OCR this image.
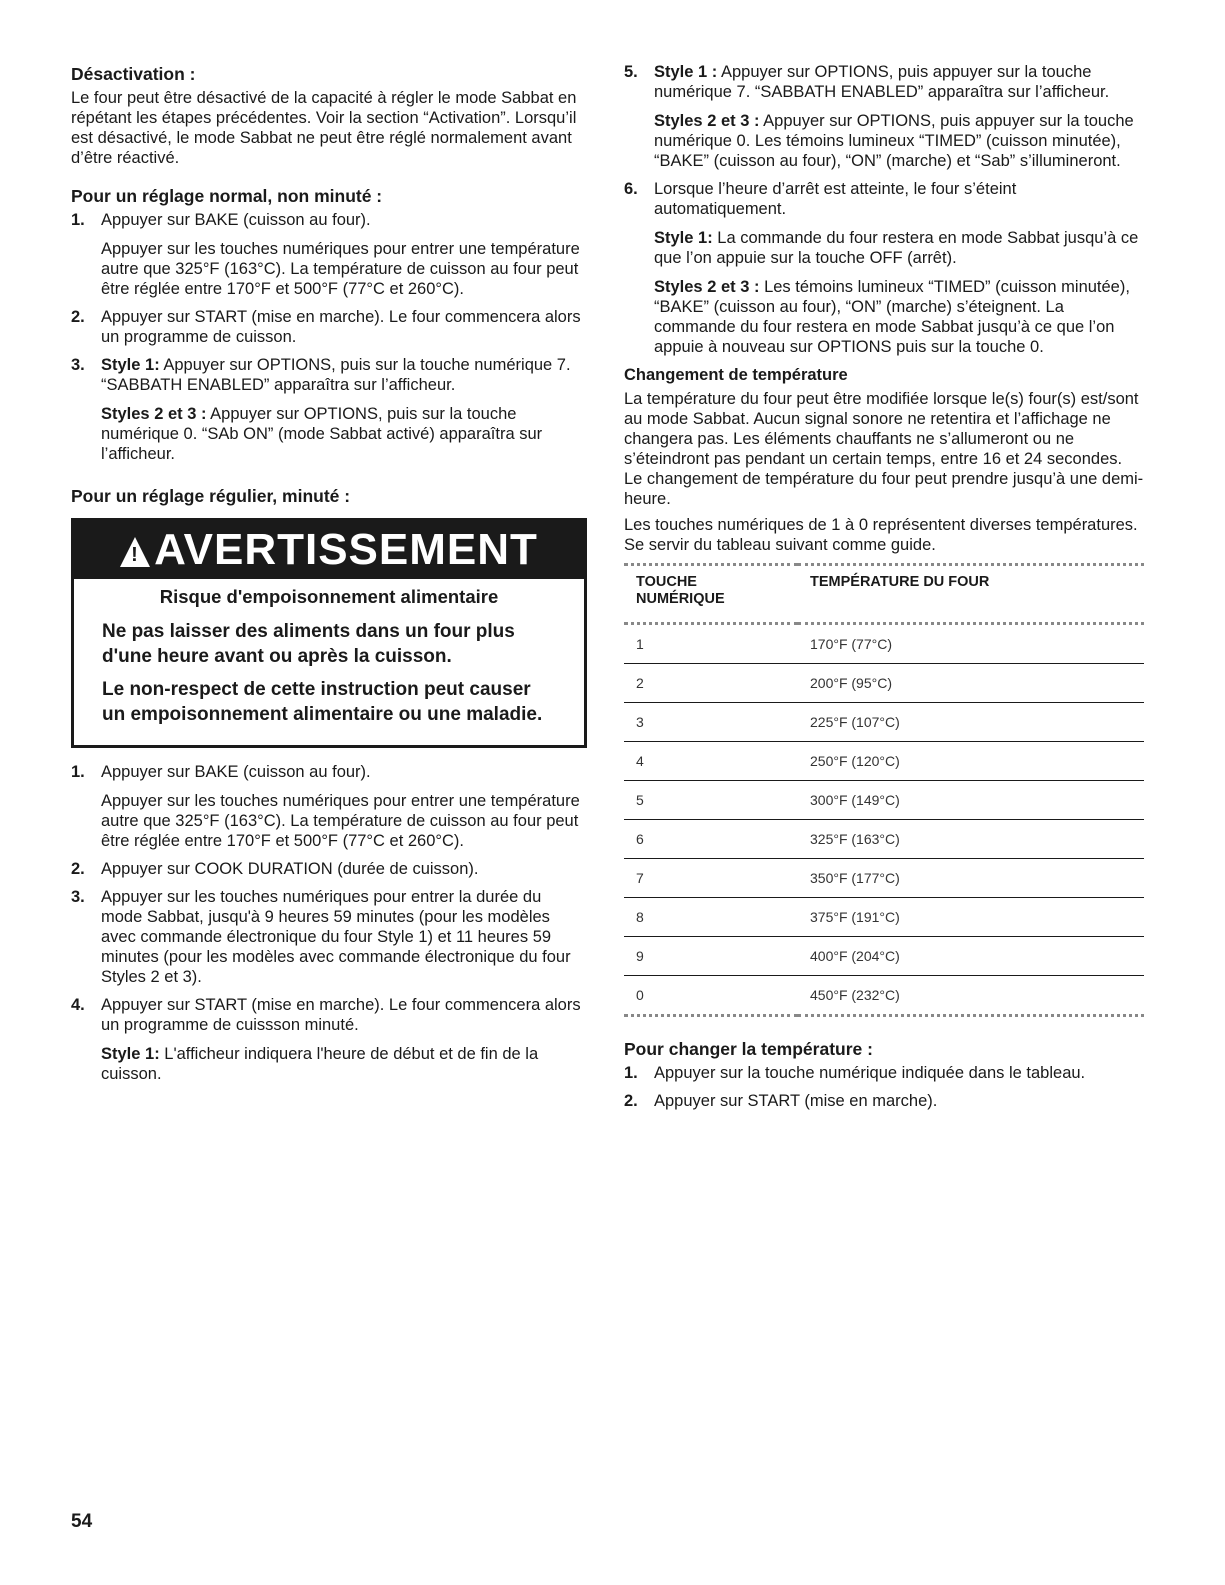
Désactivation :

Le four peut être désactivé de la capacité à régler le mode Sabbat en répétant les étapes précédentes. Voir la section “Activation”. Lorsqu’il est désactivé, le mode Sabbat ne peut être réglé normalement avant d’être réactivé.

Pour un réglage normal, non minuté :
1. Appuyer sur BAKE (cuisson au four).

Appuyer sur les touches numériques pour entrer une température autre que 325°F (163°C). La température de cuisson au four peut être réglée entre 170°F et 500°F (77°C et 260°C).

2. Appuyer sur START (mise en marche). Le four commencera alors un programme de cuisson.

3. Style 1: Appuyer sur OPTIONS, puis sur la touche numérique 7. “SABBATH ENABLED” apparaîtra sur l’afficheur.

Styles 2 et 3 : Appuyer sur OPTIONS, puis sur la touche numérique 0. “SAb ON” (mode Sabbat activé) apparaîtra sur l’afficheur.

Pour un réglage régulier, minuté :
! AVERTISSEMENT
Risque d'empoisonnement alimentaire
Ne pas laisser des aliments dans un four plus d'une heure avant ou après la cuisson.
Le non-respect de cette instruction peut causer un empoisonnement alimentaire ou une maladie.
1. Appuyer sur BAKE (cuisson au four).

Appuyer sur les touches numériques pour entrer une température autre que 325°F (163°C). La température de cuisson au four peut être réglée entre 170°F et 500°F (77°C et 260°C).

2. Appuyer sur COOK DURATION (durée de cuisson).

3. Appuyer sur les touches numériques pour entrer la durée du mode Sabbat, jusqu'à 9 heures 59 minutes (pour les modèles avec commande électronique du four Style 1) et 11 heures 59 minutes (pour les modèles avec commande électronique du four Styles 2 et 3).

4. Appuyer sur START (mise en marche). Le four commencera alors un programme de cuissson minuté.

Style 1: L'afficheur indiquera l'heure de début et de fin de la cuisson.

5. Style 1 : Appuyer sur OPTIONS, puis appuyer sur la touche numérique 7. “SABBATH ENABLED” apparaîtra sur l’afficheur.

Styles 2 et 3 : Appuyer sur OPTIONS, puis appuyer sur la touche numérique 0. Les témoins lumineux “TIMED” (cuisson minutée), “BAKE” (cuisson au four), “ON” (marche) et “Sab” s’illumineront.

6. Lorsque l’heure d’arrêt est atteinte, le four s’éteint automatiquement.

Style 1: La commande du four restera en mode Sabbat jusqu’à ce que l’on appuie sur la touche OFF (arrêt).

Styles 2 et 3 : Les témoins lumineux “TIMED” (cuisson minutée), “BAKE” (cuisson au four), “ON” (marche) s’éteignent. La commande du four restera en mode Sabbat jusqu’à ce que l’on appuie à nouveau sur OPTIONS puis sur la touche 0.

Changement de température

La température du four peut être modifiée lorsque le(s) four(s) est/sont au mode Sabbat. Aucun signal sonore ne retentira et l’affichage ne changera pas. Les éléments chauffants ne s’allumeront ou ne s’éteindront pas pendant un certain temps, entre 16 et 24 secondes. Le changement de température du four peut prendre jusqu’à une demi-heure.

Les touches numériques de 1 à 0 représentent diverses températures. Se servir du tableau suivant comme guide.

TOUCHE NUMÉRIQUE	TEMPÉRATURE DU FOUR
1	170°F (77°C)
2	200°F (95°C)
3	225°F (107°C)
4	250°F (120°C)
5	300°F (149°C)
6	325°F (163°C)
7	350°F (177°C)
8	375°F (191°C)
9	400°F (204°C)
0	450°F (232°C)
Pour changer la température :
1. Appuyer sur la touche numérique indiquée dans le tableau.

2. Appuyer sur START (mise en marche).

54
